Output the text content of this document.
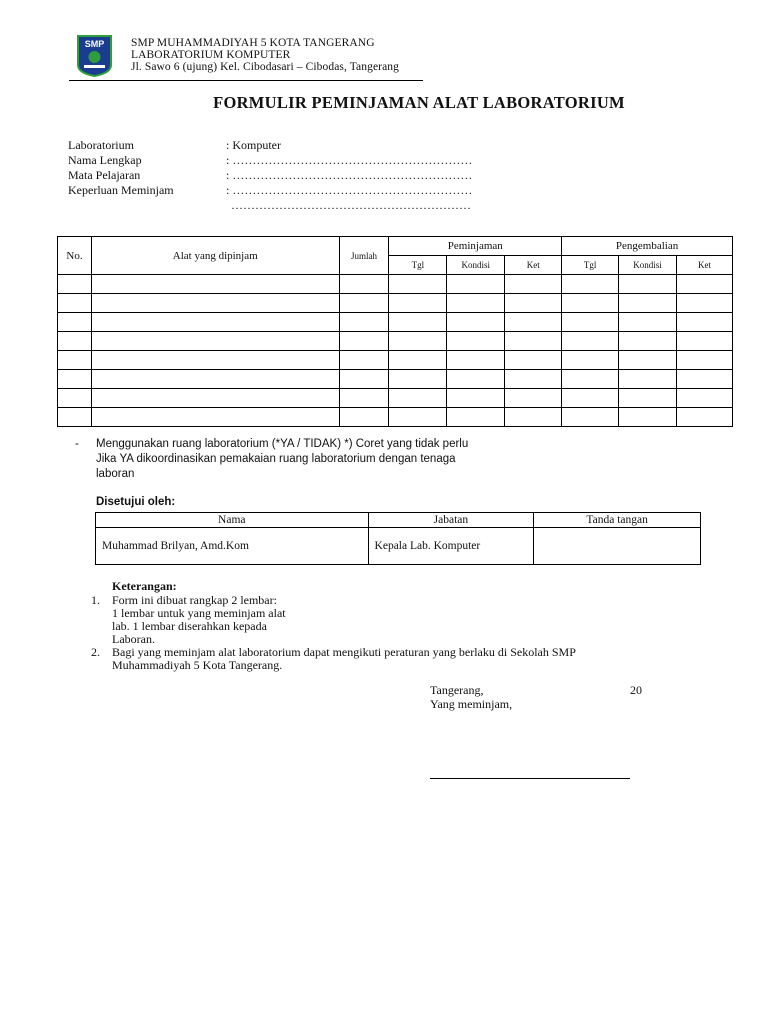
SMP SMP MUHAMMADIYAH 5 KOTA TANGERANG
LABORATORIUM KOMPUTER
Jl. Sawo 6 (ujung) Kel. Cibodasari – Cibodas, Tangerang
FORMULIR PEMINJAMAN ALAT LABORATORIUM
Laboratorium	: Komputer
Nama Lengkap	: ……………………………………………………
Mata Pelajaran	: ……………………………………………………
Keperluan Meminjam	: ……………………………………………………
……………………………………………………
No.	Alat yang dipinjam	Jumlah	Peminjaman			Pengembalian		
			Tgl	Kondisi	Ket	Tgl	Kondisi	Ket

- Menggunakan ruang laboratorium (*YA / TIDAK) *) Coret yang tidak perlu
Jika YA dikoordinasikan pemakaian ruang laboratorium dengan tenaga
laboran
Disetujui oleh:
Nama	Jabatan	Tanda tangan
Muhammad Brilyan, Amd.Kom	Kepala Lab. Komputer	
Keterangan:
1. Form ini dibuat rangkap 2 lembar:
1 lembar untuk yang meminjam alat
lab. 1 lembar diserahkan kepada
Laboran.
2. Bagi yang meminjam alat laboratorium dapat mengikuti peraturan yang berlaku di Sekolah SMP
Muhammadiyah 5 Kota Tangerang.
Tangerang,	20
Yang meminjam,
